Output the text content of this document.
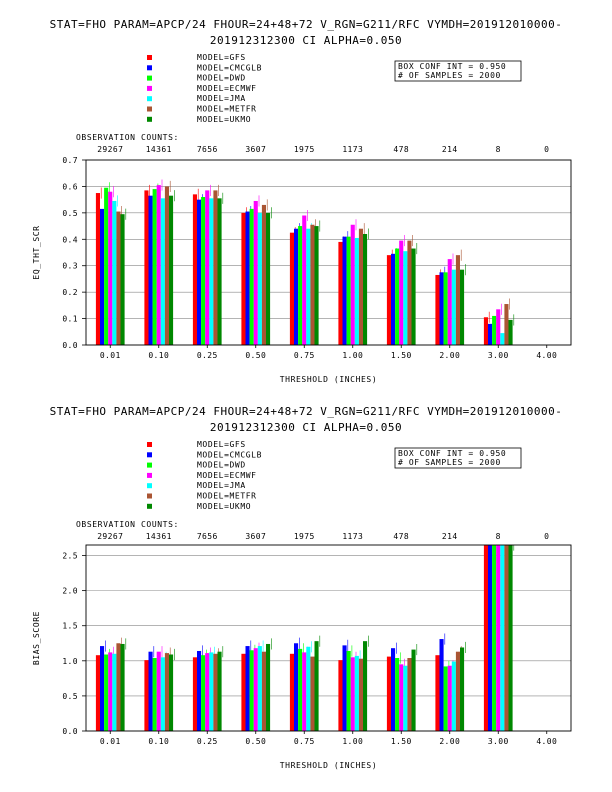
STAT=FHO PARAM=APCP/24 FHOUR=24+48+72 V_RGN=G211/RFC VYMDH=201912010000-
201912312300 CI ALPHA=0.050
MODEL=GFS
MODEL=CMCGLB
MODEL=DWD
MODEL=ECMWF
MODEL=JMA
MODEL=METFR
MODEL=UKMO
BOX CONF INT = 0.950
# OF SAMPLES = 2000
OBSERVATION COUNTS:
29267	14361	7656	3607	1975	1173	478	214	8	0
0.0
0.1
0.2
0.3
0.4
0.5
0.6
0.7
0.01	0.10	0.25	0.50	0.75	1.00	1.50	2.00	3.00	4.00
THRESHOLD (INCHES)
EQ_THT_SCR
STAT=FHO PARAM=APCP/24 FHOUR=24+48+72 V_RGN=G211/RFC VYMDH=201912010000-
201912312300 CI ALPHA=0.050
MODEL=GFS
MODEL=CMCGLB
MODEL=DWD
MODEL=ECMWF
MODEL=JMA
MODEL=METFR
MODEL=UKMO
BOX CONF INT = 0.950
# OF SAMPLES = 2000
OBSERVATION COUNTS:
29267	14361	7656	3607	1975	1173	478	214	8	0
0.0
0.5
1.0
1.5
2.0
2.5
0.01	0.10	0.25	0.50	0.75	1.00	1.50	2.00	3.00	4.00
THRESHOLD (INCHES)
BIAS_SCORE
